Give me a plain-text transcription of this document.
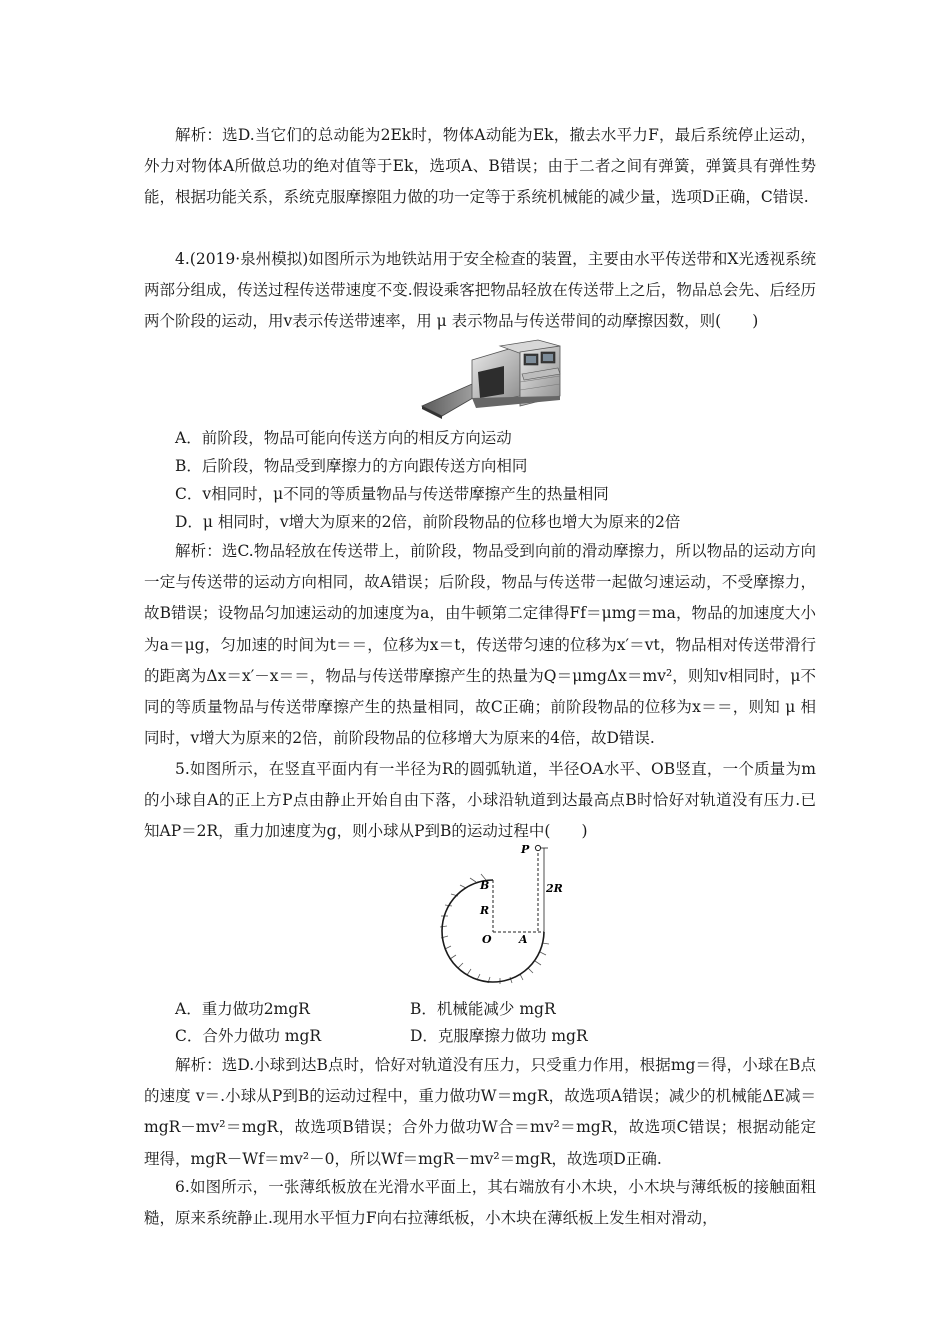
解析：选D.当它们的总动能为2Ek时，物体A动能为Ek，撤去水平力F，最后系统停止运动，外力对物体A所做总功的绝对值等于Ek，选项A、B错误；由于二者之间有弹簧，弹簧具有弹性势能，根据功能关系，系统克服摩擦阻力做的功一定等于系统机械能的减少量，选项D正确，C错误.

4.(2019·泉州模拟)如图所示为地铁站用于安全检查的装置，主要由水平传送带和X光透视系统两部分组成，传送过程传送带速度不变.假设乘客把物品轻放在传送带上之后，物品总会先、后经历两个阶段的运动，用v表示传送带速率，用 μ 表示物品与传送带间的动摩擦因数，则(　　)

A．前阶段，物品可能向传送方向的相反方向运动

B．后阶段，物品受到摩擦力的方向跟传送方向相同

C．v相同时，μ不同的等质量物品与传送带摩擦产生的热量相同

D．μ 相同时，v增大为原来的2倍，前阶段物品的位移也增大为原来的2倍

解析：选C.物品轻放在传送带上，前阶段，物品受到向前的滑动摩擦力，所以物品的运动方向一定与传送带的运动方向相同，故A错误；后阶段，物品与传送带一起做匀速运动，不受摩擦力，故B错误；设物品匀加速运动的加速度为a，由牛顿第二定律得Ff＝μmg＝ma，物品的加速度大小为a＝μg，匀加速的时间为t＝＝，位移为x＝t，传送带匀速的位移为x′＝vt，物品相对传送带滑行的距离为Δx＝x′－x＝＝，物品与传送带摩擦产生的热量为Q＝μmgΔx＝mv²，则知v相同时，μ不同的等质量物品与传送带摩擦产生的热量相同，故C正确；前阶段物品的位移为x＝＝，则知 μ 相同时，v增大为原来的2倍，前阶段物品的位移增大为原来的4倍，故D错误.

5.如图所示，在竖直平面内有一半径为R的圆弧轨道，半径OA水平、OB竖直，一个质量为m的小球自A的正上方P点由静止开始自由下落，小球沿轨道到达最高点B时恰好对轨道没有压力.已知AP＝2R，重力加速度为g，则小球从P到B的运动过程中(　　)

P
B
R
2R
O A

A．重力做功2mgR	B．机械能减少 mgR

C．合外力做功 mgR	D．克服摩擦力做功 mgR

解析：选D.小球到达B点时，恰好对轨道没有压力，只受重力作用，根据mg＝得，小球在B点的速度 v＝.小球从P到B的运动过程中，重力做功W＝mgR，故选项A错误；减少的机械能ΔE减＝mgR－mv²＝mgR，故选项B错误；合外力做功W合＝mv²＝mgR，故选项C错误；根据动能定理得，mgR－Wf＝mv²－0，所以Wf＝mgR－mv²＝mgR，故选项D正确.

6.如图所示，一张薄纸板放在光滑水平面上，其右端放有小木块，小木块与薄纸板的接触面粗糙，原来系统静止.现用水平恒力F向右拉薄纸板，小木块在薄纸板上发生相对滑动，
